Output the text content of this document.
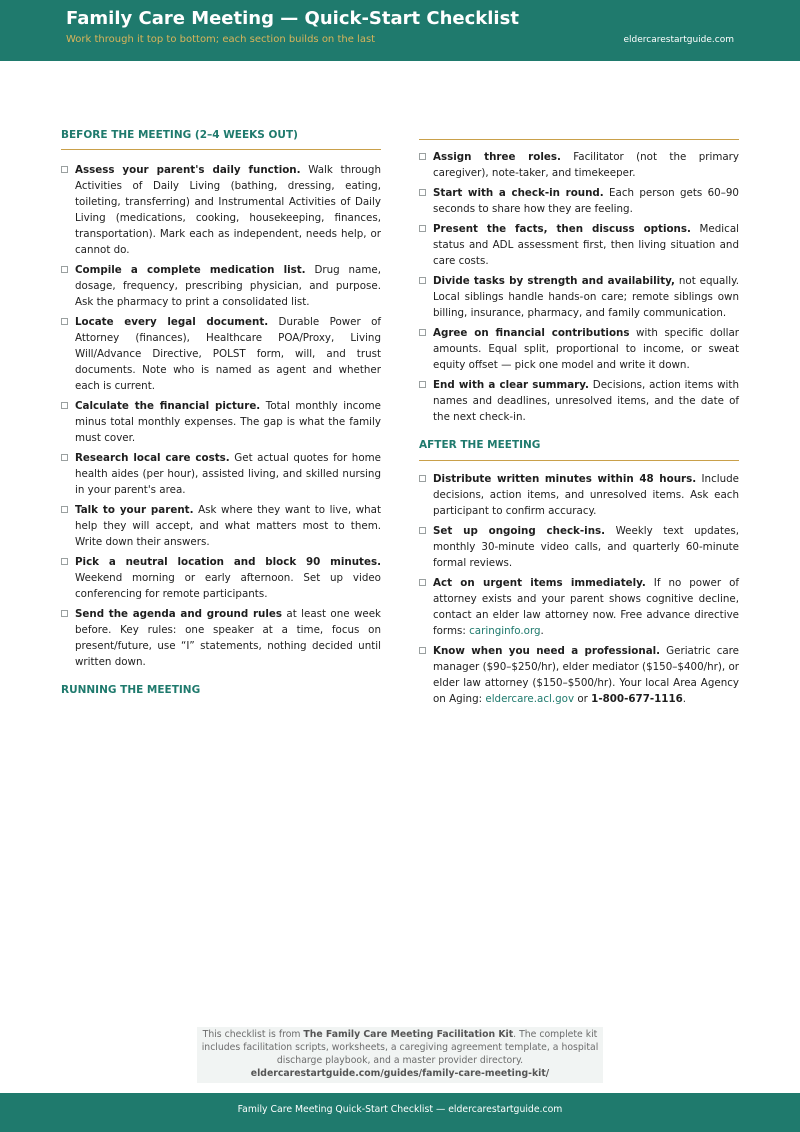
Family Care Meeting — Quick-Start Checklist
Work through it top to bottom; each section builds on the last	eldercarestartguide.com
BEFORE THE MEETING (2–4 WEEKS OUT)
Assess your parent's daily function. Walk through Activities of Daily Living (bathing, dressing, eating, toileting, transferring) and Instrumental Activities of Daily Living (medications, cooking, housekeeping, finances, transportation). Mark each as independent, needs help, or cannot do.
Compile a complete medication list. Drug name, dosage, frequency, prescribing physician, and purpose. Ask the pharmacy to print a consolidated list.
Locate every legal document. Durable Power of Attorney (finances), Healthcare POA/Proxy, Living Will/Advance Directive, POLST form, will, and trust documents. Note who is named as agent and whether each is current.
Calculate the financial picture. Total monthly income minus total monthly expenses. The gap is what the family must cover.
Research local care costs. Get actual quotes for home health aides (per hour), assisted living, and skilled nursing in your parent's area.
Talk to your parent. Ask where they want to live, what help they will accept, and what matters most to them. Write down their answers.
Pick a neutral location and block 90 minutes. Weekend morning or early afternoon. Set up video conferencing for remote participants.
Send the agenda and ground rules at least one week before. Key rules: one speaker at a time, focus on present/future, use “I” statements, nothing decided until written down.
RUNNING THE MEETING
Assign three roles. Facilitator (not the primary caregiver), note-taker, and timekeeper.
Start with a check-in round. Each person gets 60–90 seconds to share how they are feeling.
Present the facts, then discuss options. Medical status and ADL assessment first, then living situation and care costs.
Divide tasks by strength and availability, not equally. Local siblings handle hands-on care; remote siblings own billing, insurance, pharmacy, and family communication.
Agree on financial contributions with specific dollar amounts. Equal split, proportional to income, or sweat equity offset — pick one model and write it down.
End with a clear summary. Decisions, action items with names and deadlines, unresolved items, and the date of the next check-in.
AFTER THE MEETING
Distribute written minutes within 48 hours. Include decisions, action items, and unresolved items. Ask each participant to confirm accuracy.
Set up ongoing check-ins. Weekly text updates, monthly 30-minute video calls, and quarterly 60-minute formal reviews.
Act on urgent items immediately. If no power of attorney exists and your parent shows cognitive decline, contact an elder law attorney now. Free advance directive forms: caringinfo.org.
Know when you need a professional. Geriatric care manager ($90–$250/hr), elder mediator ($150–$400/hr), or elder law attorney ($150–$500/hr). Your local Area Agency on Aging: eldercare.acl.gov or 1-800-677-1116.
This checklist is from The Family Care Meeting Facilitation Kit. The complete kit includes facilitation scripts, worksheets, a caregiving agreement template, a hospital discharge playbook, and a master provider directory.
eldercarestartguide.com/guides/family-care-meeting-kit/
Family Care Meeting Quick-Start Checklist — eldercarestartguide.com
